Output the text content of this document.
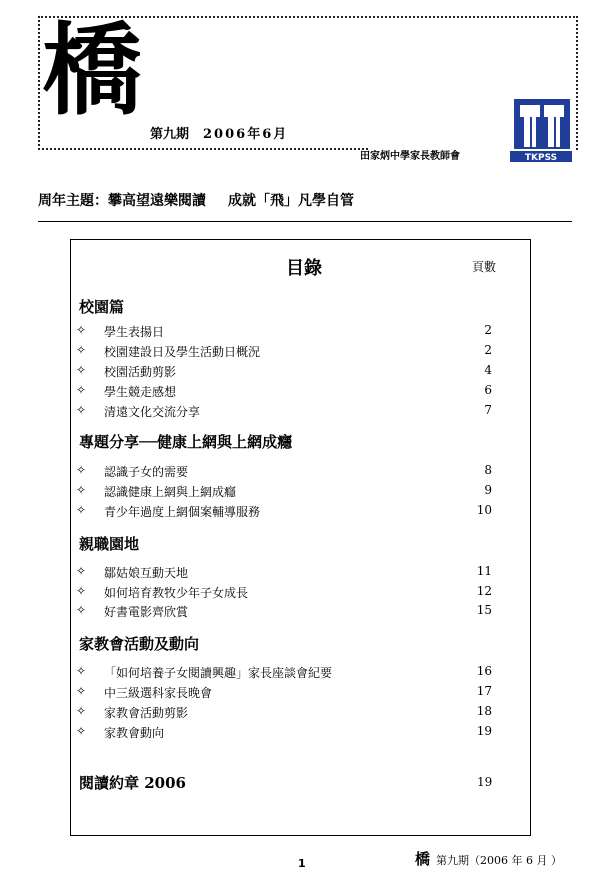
橋
第九期 2006年6月
田家炳中學家長教師會	TKPSS
周年主題：攀高望遠樂閱讀 成就「飛」凡學自管
目錄	頁數
校園篇
✧	學生表揚日	2
✧	校園建設日及學生活動日概況	2
✧	校園活動剪影	4
✧	學生競走感想	6
✧	清遠文化交流分享	7
專題分享──健康上網與上網成癮
✧	認識子女的需要	8
✧	認識健康上網與上網成癮	9
✧	青少年過度上網個案輔導服務	10
親職園地
✧	鄒姑娘互動天地	11
✧	如何培育教牧少年子女成長	12
✧	好書電影齊欣賞	15
家教會活動及動向
✧	「如何培養子女閱讀興趣」家長座談會紀要	16
✧	中三級選科家長晚會	17
✧	家教會活動剪影	18
✧	家教會動向	19
閱讀約章 2006	19
1	橋 第九期（2006 年 6 月 ）
